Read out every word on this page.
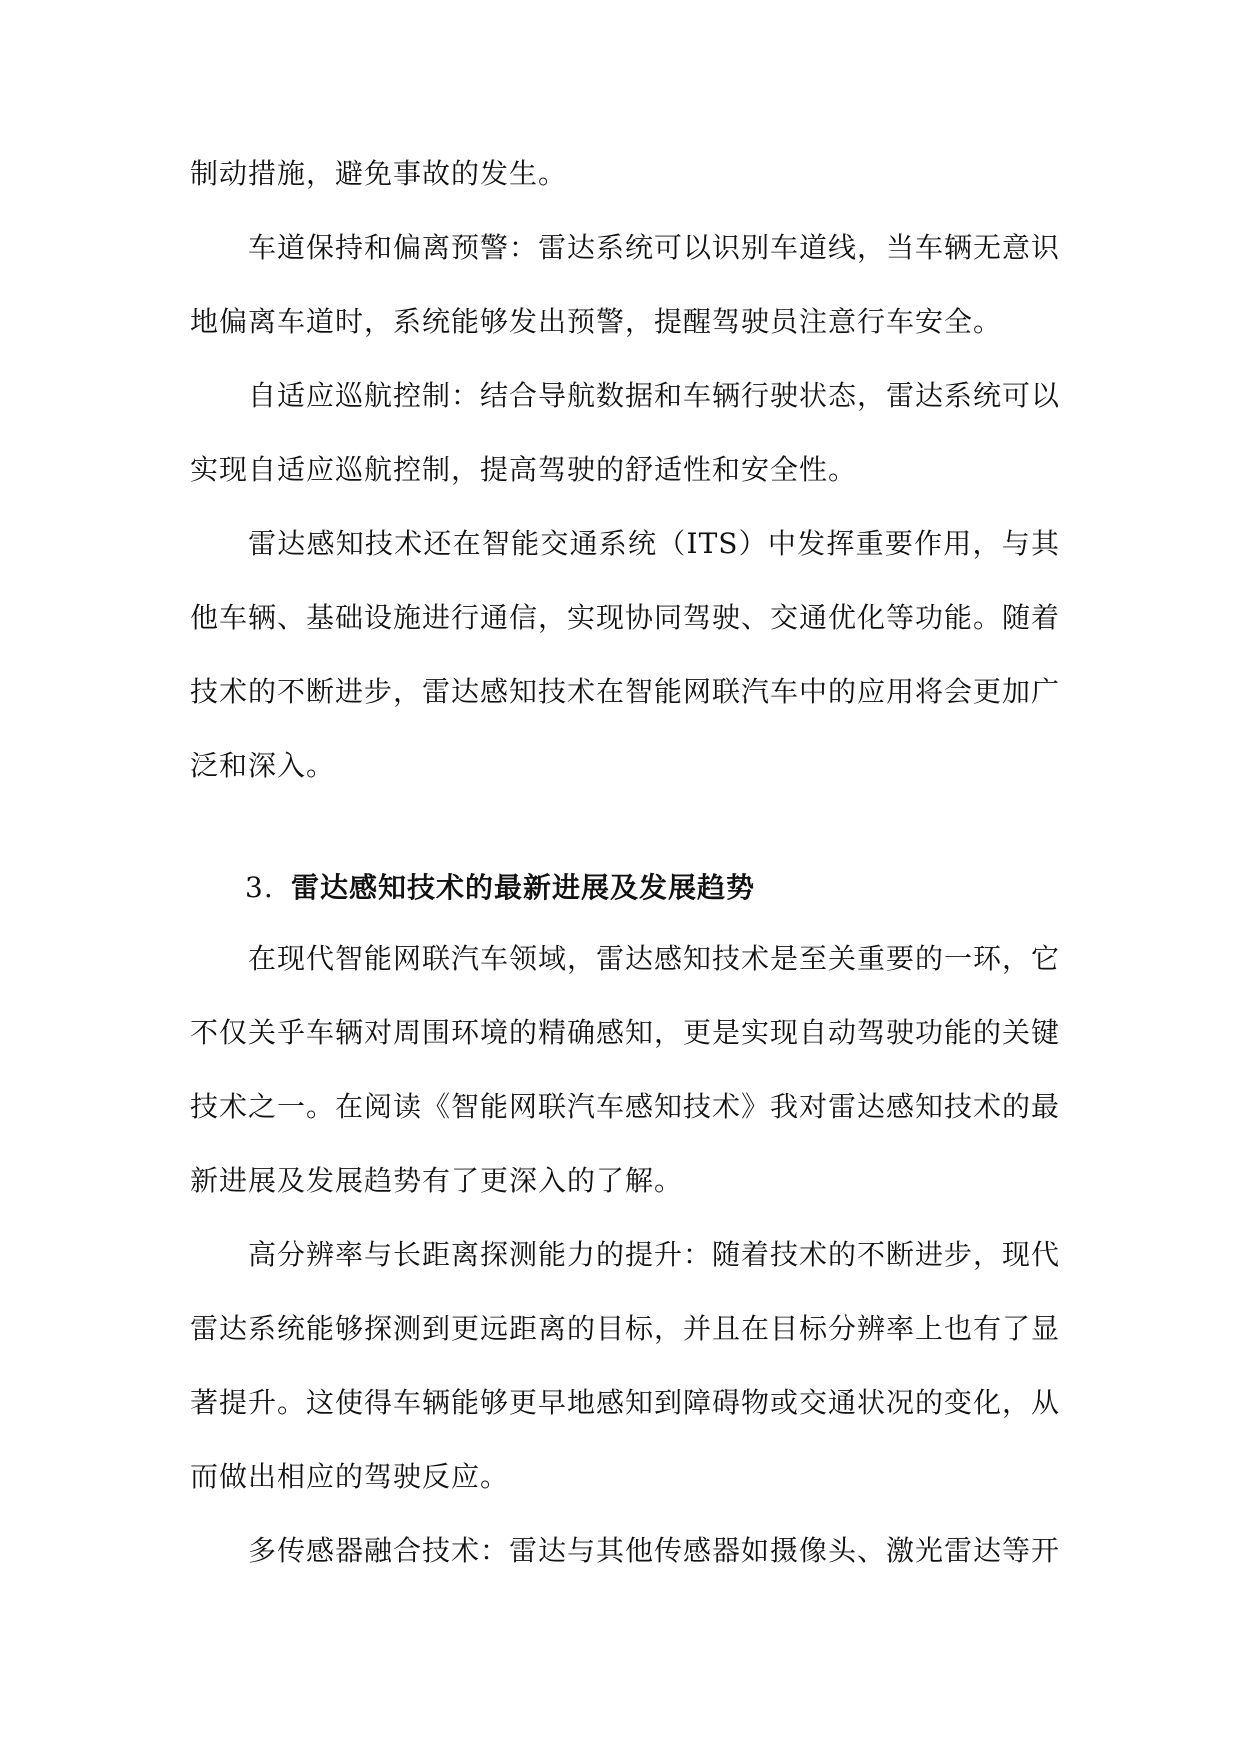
制动措施，避免事故的发生。

车道保持和偏离预警：雷达系统可以识别车道线，当车辆无意识地偏离车道时，系统能够发出预警，提醒驾驶员注意行车安全。

自适应巡航控制：结合导航数据和车辆行驶状态，雷达系统可以实现自适应巡航控制，提高驾驶的舒适性和安全性。

雷达感知技术还在智能交通系统（ITS）中发挥重要作用，与其他车辆、基础设施进行通信，实现协同驾驶、交通优化等功能。随着技术的不断进步，雷达感知技术在智能网联汽车中的应用将会更加广泛和深入。

3. 雷达感知技术的最新进展及发展趋势

在现代智能网联汽车领域，雷达感知技术是至关重要的一环，它不仅关乎车辆对周围环境的精确感知，更是实现自动驾驶功能的关键技术之一。在阅读《智能网联汽车感知技术》我对雷达感知技术的最新进展及发展趋势有了更深入的了解。

高分辨率与长距离探测能力的提升：随着技术的不断进步，现代雷达系统能够探测到更远距离的目标，并且在目标分辨率上也有了显著提升。这使得车辆能够更早地感知到障碍物或交通状况的变化，从而做出相应的驾驶反应。

多传感器融合技术：雷达与其他传感器如摄像头、激光雷达等开
